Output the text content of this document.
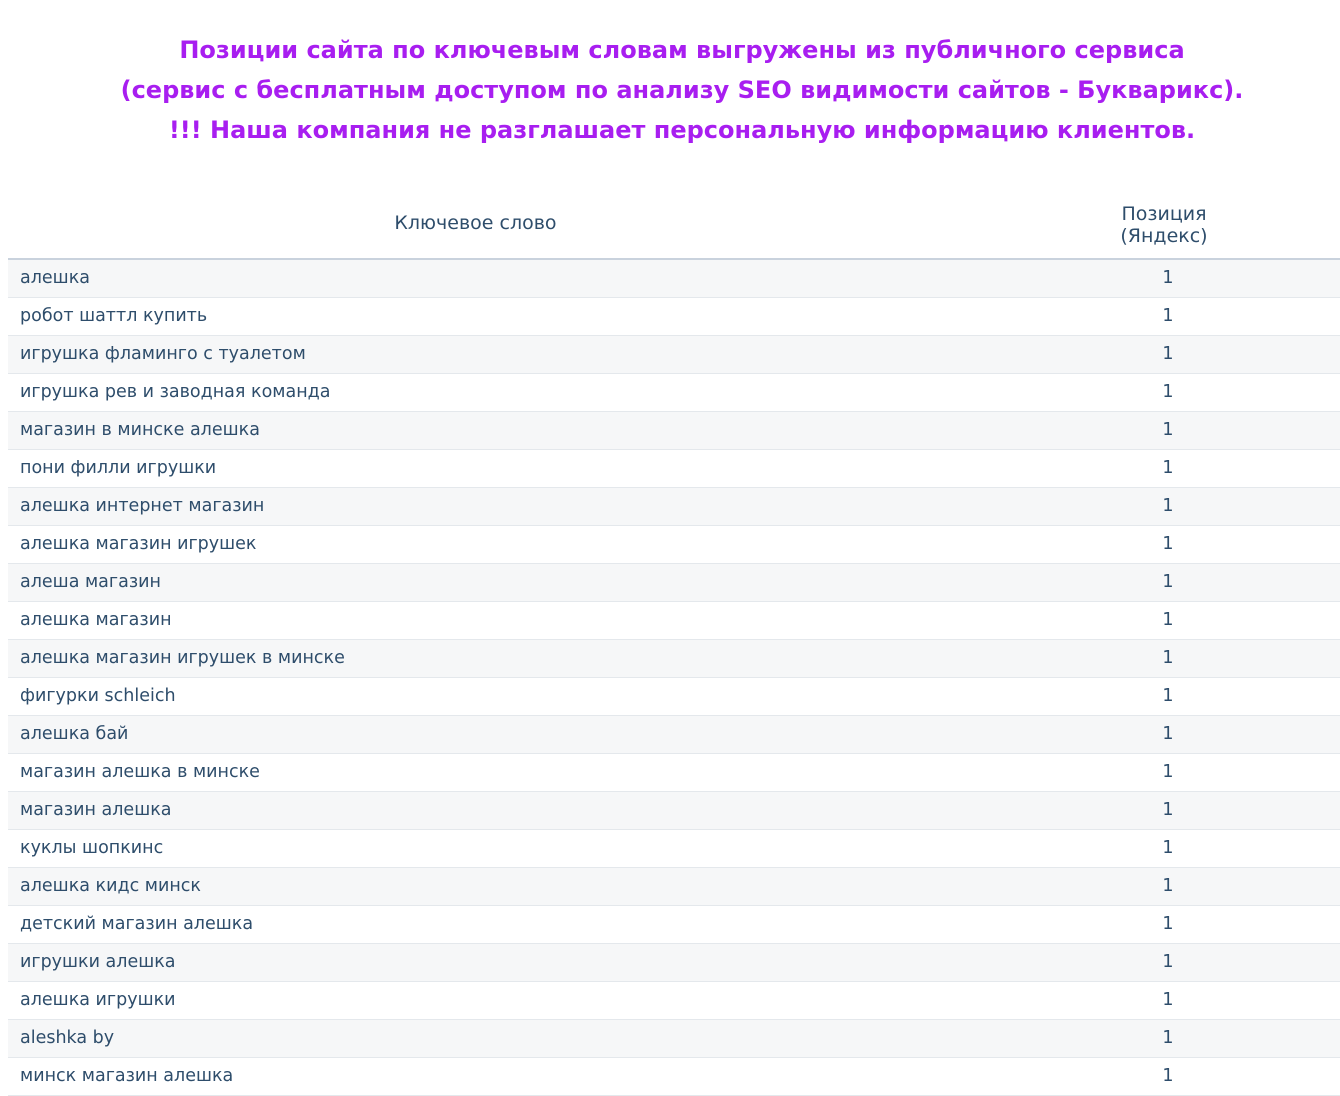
Позиции сайта по ключевым словам выгружены из публичного сервиса
(сервис с бесплатным доступом по анализу SEO видимости сайтов - Букварикс).
!!! Наша компания не разглашает персональную информацию клиентов.
Ключевое слово	Позиция
(Яндекс)
алешка	1
робот шаттл купить	1
игрушка фламинго с туалетом	1
игрушка рев и заводная команда	1
магазин в минске алешка	1
пони филли игрушки	1
алешка интернет магазин	1
алешка магазин игрушек	1
алеша магазин	1
алешка магазин	1
алешка магазин игрушек в минске	1
фигурки schleich	1
алешка бай	1
магазин алешка в минске	1
магазин алешка	1
куклы шопкинс	1
алешка кидс минск	1
детский магазин алешка	1
игрушки алешка	1
алешка игрушки	1
aleshka by	1
минск магазин алешка	1
